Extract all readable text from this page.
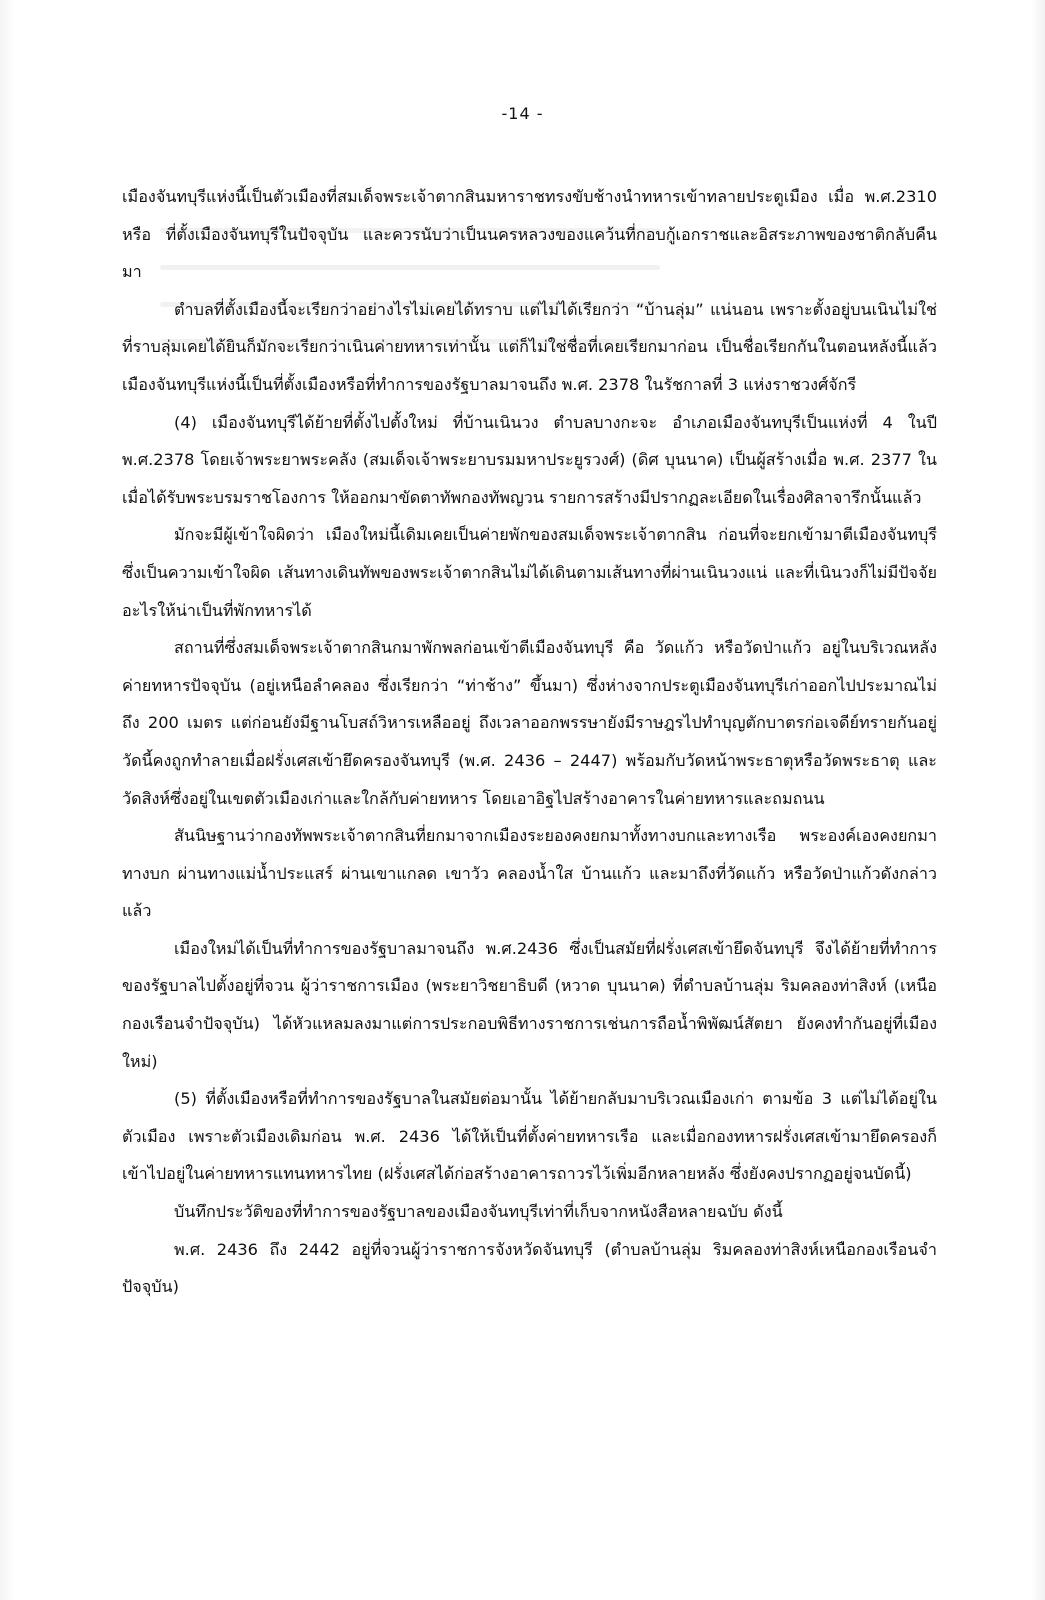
-14 -

เมืองจันทบุรีแห่งนี้เป็นตัวเมืองที่สมเด็จพระเจ้าตากสินมหาราชทรงขับช้างนำทหารเข้าทลายประตูเมือง เมื่อ พ.ศ.2310 หรือ ที่ตั้งเมืองจันทบุรีในปัจจุบัน และควรนับว่าเป็นนครหลวงของแคว้นที่กอบกู้เอกราชและอิสระภาพของชาติกลับคืนมา

ตำบลที่ตั้งเมืองนี้จะเรียกว่าอย่างไรไม่เคยได้ทราบ แต่ไม่ได้เรียกว่า “บ้านลุ่ม” แน่นอน เพราะตั้งอยู่บนเนินไม่ใช่ที่ราบลุ่มเคยได้ยินก็มักจะเรียกว่าเนินค่ายทหารเท่านั้น แต่ก็ไม่ใช่ชื่อที่เคยเรียกมาก่อน เป็นชื่อเรียกกันในตอนหลังนี้แล้ว เมืองจันทบุรีแห่งนี้เป็นที่ตั้งเมืองหรือที่ทำการของรัฐบาลมาจนถึง พ.ศ. 2378 ในรัชกาลที่ 3 แห่งราชวงศ์จักรี

(4) เมืองจันทบุรีได้ย้ายที่ตั้งไปตั้งใหม่ ที่บ้านเนินวง ตำบลบางกะจะ อำเภอเมืองจันทบุรีเป็นแห่งที่ 4 ในปี พ.ศ.2378 โดยเจ้าพระยาพระคลัง (สมเด็จเจ้าพระยาบรมมหาประยูรวงศ์) (ดิศ บุนนาค) เป็นผู้สร้างเมื่อ พ.ศ. 2377 ในเมื่อได้รับพระบรมราชโองการ ให้ออกมาขัดตาทัพกองทัพญวน รายการสร้างมีปรากฏละเอียดในเรื่องศิลาจารึกนั้นแล้ว

มักจะมีผู้เข้าใจผิดว่า เมืองใหม่นี้เดิมเคยเป็นค่ายพักของสมเด็จพระเจ้าตากสิน ก่อนที่จะยกเข้ามาตีเมืองจันทบุรี ซึ่งเป็นความเข้าใจผิด เส้นทางเดินทัพของพระเจ้าตากสินไม่ได้เดินตามเส้นทางที่ผ่านเนินวงแน่ และที่เนินวงก็ไม่มีปัจจัยอะไรให้น่าเป็นที่พักทหารได้

สถานที่ซึ่งสมเด็จพระเจ้าตากสินกมาพักพลก่อนเข้าตีเมืองจันทบุรี คือ วัดแก้ว หรือวัดป่าแก้ว อยู่ในบริเวณหลังค่ายทหารปัจจุบัน (อยู่เหนือลำคลอง ซึ่งเรียกว่า “ท่าช้าง” ขึ้นมา) ซึ่งห่างจากประตูเมืองจันทบุรีเก่าออกไปประมาณไม่ถึง 200 เมตร แต่ก่อนยังมีฐานโบสถ์วิหารเหลืออยู่ ถึงเวลาออกพรรษายังมีราษฎรไปทำบุญตักบาตรก่อเจดีย์ทรายกันอยู่ วัดนี้คงถูกทำลายเมื่อฝรั่งเศสเข้ายึดครองจันทบุรี (พ.ศ. 2436 – 2447) พร้อมกับวัดหน้าพระธาตุหรือวัดพระธาตุ และวัดสิงห์ซึ่งอยู่ในเขตตัวเมืองเก่าและใกล้กับค่ายทหาร โดยเอาอิฐไปสร้างอาคารในค่ายทหารและถมถนน

สันนิษฐานว่ากองทัพพระเจ้าตากสินที่ยกมาจากเมืองระยองคงยกมาทั้งทางบกและทางเรือ พระองค์เองคงยกมาทางบก ผ่านทางแม่น้ำประแสร์ ผ่านเขาแกลด เขาวัว คลองน้ำใส บ้านแก้ว และมาถึงที่วัดแก้ว หรือวัดป่าแก้วดังกล่าวแล้ว

เมืองใหม่ได้เป็นที่ทำการของรัฐบาลมาจนถึง พ.ศ.2436 ซึ่งเป็นสมัยที่ฝรั่งเศสเข้ายึดจันทบุรี จึงได้ย้ายที่ทำการของรัฐบาลไปตั้งอยู่ที่จวน ผู้ว่าราชการเมือง (พระยาวิชยาธิบดี (หวาด บุนนาค) ที่ตำบลบ้านลุ่ม ริมคลองท่าสิงห์ (เหนือกองเรือนจำปัจจุบัน) ได้หัวแหลมลงมาแต่การประกอบพิธีทางราชการเช่นการถือน้ำพิพัฒน์สัตยา ยังคงทำกันอยู่ที่เมืองใหม่)

(5) ที่ตั้งเมืองหรือที่ทำการของรัฐบาลในสมัยต่อมานั้น ได้ย้ายกลับมาบริเวณเมืองเก่า ตามข้อ 3 แต่ไม่ได้อยู่ในตัวเมือง เพราะตัวเมืองเดิมก่อน พ.ศ. 2436 ได้ให้เป็นที่ตั้งค่ายทหารเรือ และเมื่อกองทหารฝรั่งเศสเข้ามายึดครองก็เข้าไปอยู่ในค่ายทหารแทนทหารไทย (ฝรั่งเศสได้ก่อสร้างอาคารถาวรไว้เพิ่มอีกหลายหลัง ซึ่งยังคงปรากฏอยู่จนบัดนี้)

บันทึกประวัติของที่ทำการของรัฐบาลของเมืองจันทบุรีเท่าที่เก็บจากหนังสือหลายฉบับ ดังนี้

พ.ศ. 2436 ถึง 2442 อยู่ที่จวนผู้ว่าราชการจังหวัดจันทบุรี (ตำบลบ้านลุ่ม ริมคลองท่าสิงห์เหนือกองเรือนจำปัจจุบัน)
